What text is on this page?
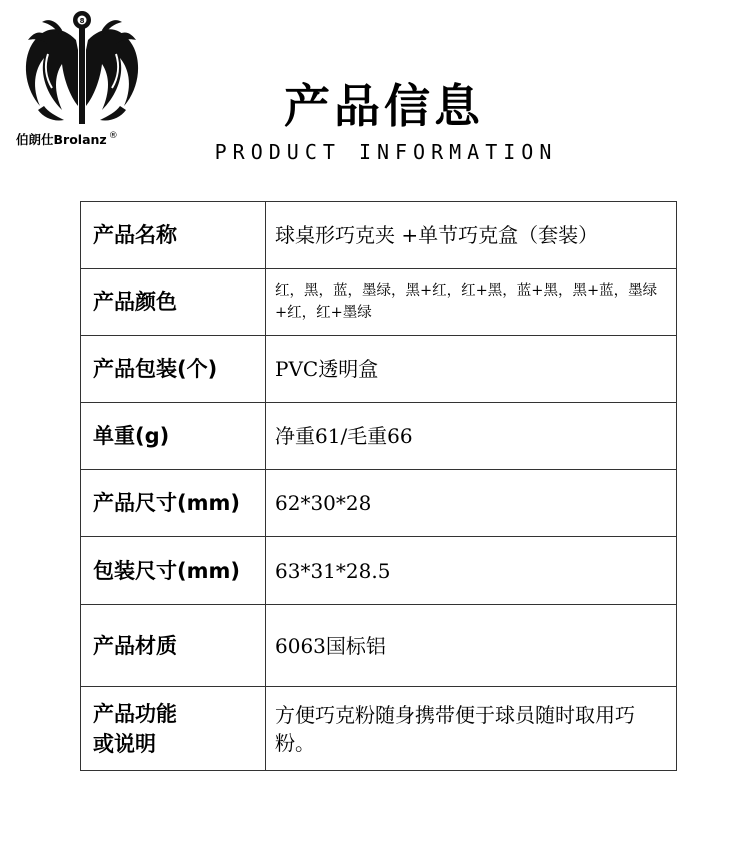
8
伯朗仕Brolanz ®
产品信息
PRODUCT INFORMATION
产品名称	球桌形巧克夹 +单节巧克盒（套装）
产品颜色	红，黑，蓝，墨绿，黑+红，红+黑，蓝+黑，黑+蓝，墨绿+红，红+墨绿
产品包装(个)	PVC透明盒
单重(g)	净重61/毛重66
产品尺寸(mm)	62*30*28
包装尺寸(mm)	63*31*28.5
产品材质	6063国标铝
产品功能
或说明	方便巧克粉随身携带便于球员随时取用巧粉。
